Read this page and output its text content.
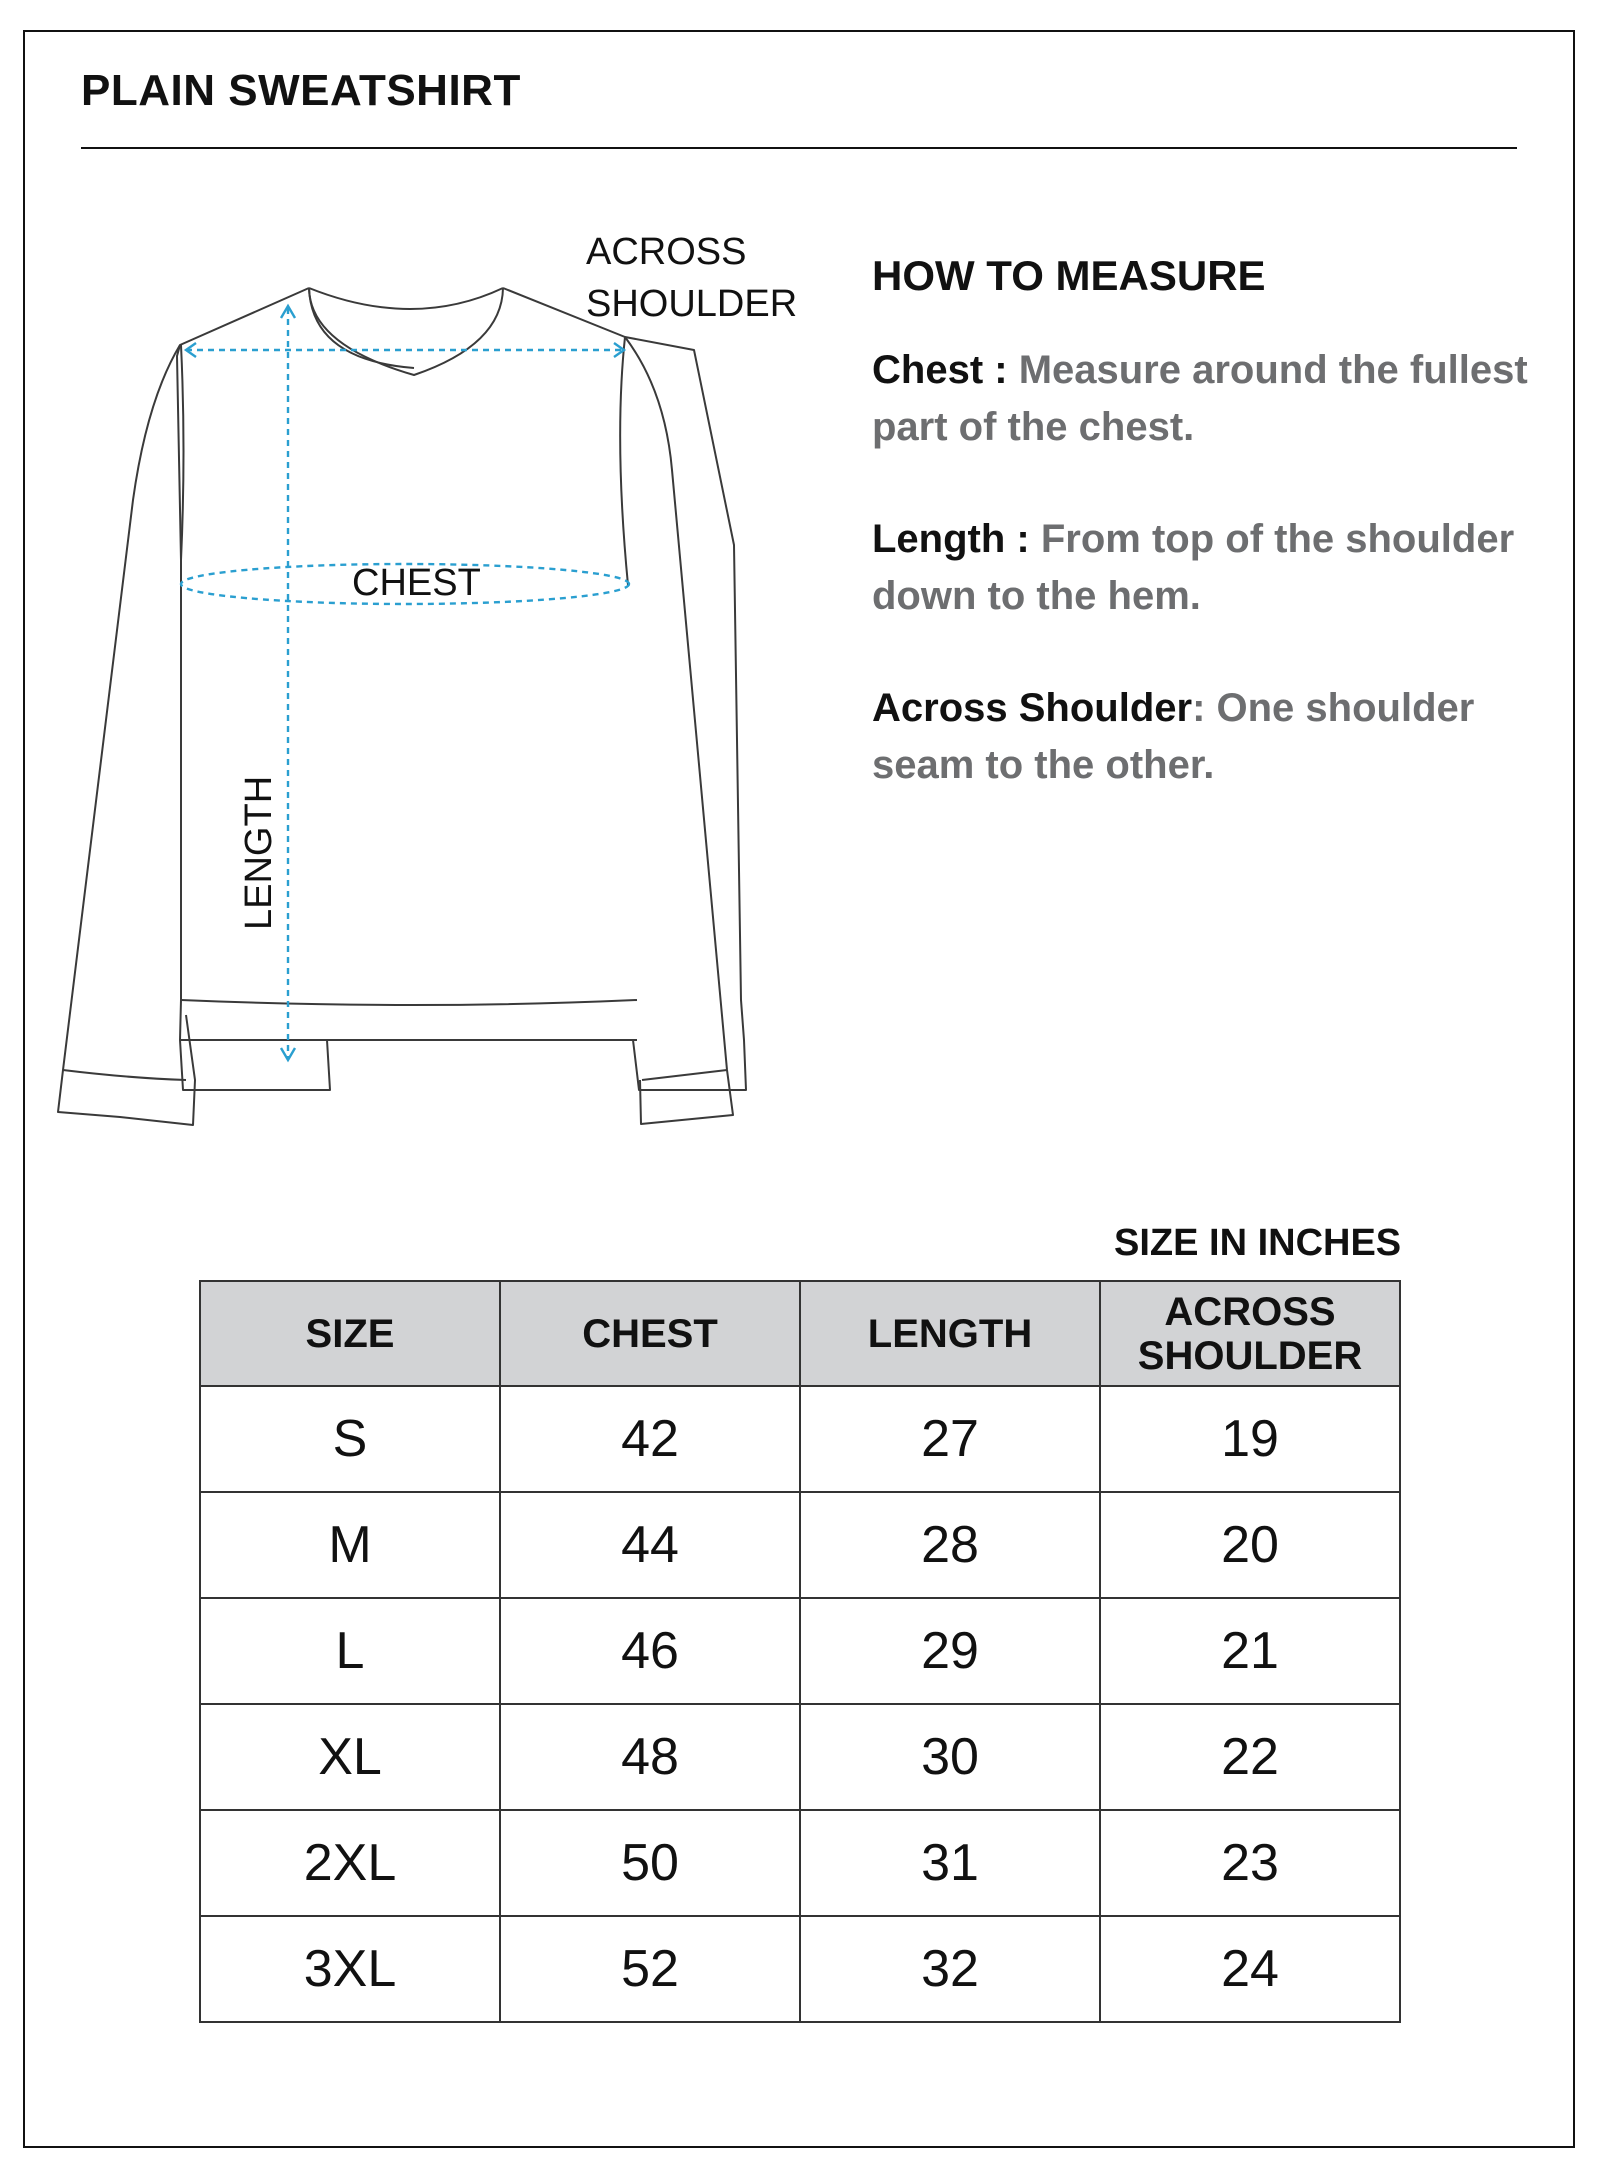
PLAIN SWEATSHIRT
ACROSS
SHOULDER
CHEST
LENGTH
HOW TO MEASURE
Chest : Measure around the fullest part of the chest.
Length : From top of the shoulder down to the hem.
Across Shoulder: One shoulder seam to the other.
SIZE IN INCHES
SIZE	CHEST	LENGTH	ACROSS
SHOULDER

S	42	27	19
M	44	28	20
L	46	29	21
XL	48	30	22
2XL	50	31	23
3XL	52	32	24
